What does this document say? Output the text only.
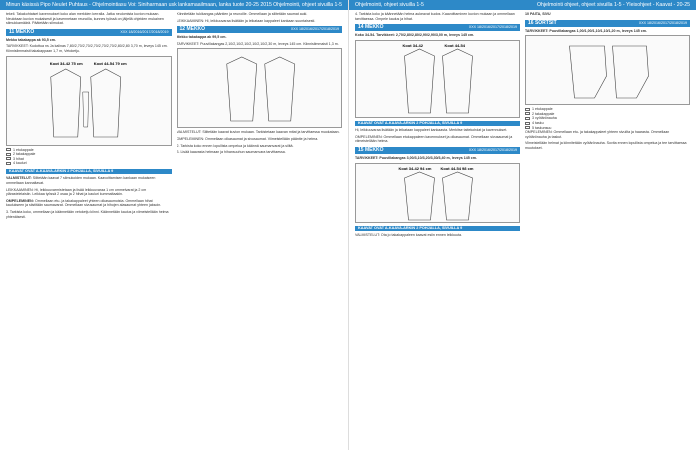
Minun käsissä Pipo Neulet Puhtaus - Ohjelmointiasu Voi: Siniharmaan usk lankamaailmaan, lanka tuote 20-25 2015 Ohjelmointi, ohjeet sivuilla 1-5

tekeli. Takakohtaiset kavennukset koko alan merkkien kerralla. Jatka neulomista kuvion mukaan. Neulotaan kuvion mukaisesti ja kavennetaan reunoilla, kunnes työssä on jäljellä ohjeiden mukainen silmukkamäärä. Päätetään silmukat.

11 MEKKO	XXX 18/2016/2017/2018/2019

Mekko takakappa ak 93,5 cm.

TARVIKKEET: Kudottua ns Ja kalinas 7,80/2,70/2,70/2,70/2,70/2,70/2,80/2,80 3,70 m, leveys 145 cm. Kiinnisilmmaisti takakappaan 1,7 m, Vetoketju.

Koot 34-42 75 cm	Koot 44-54 79 cm
1 etukappale
2 takakappale
3 hihat
4 kauluri
KAAVAT OVAT A-KAAVA-ARKIN 2 POHJALLA, SIVUILLA 9

VALMISTELUT: Silitetään kaavat 7 silmukoiden mukaan. Kaavoittamisen kankaan mukaiseen ommeltaan kannaltavat.

LEIKKAAMINEN: Hi, leikkuuvarmistetaan ja lisää leikkuuvaraa 1 cm ommelvarat ja 2 cm ylärastelelaisiin. Leikkaa työssä 2 osaa ja 2 hihat ja kauluri kummaltaakin.

OMPELEMINEN: Ommellaan etu- ja takakappaleet yhteen olkasaumoista. Ommellaan hihat kaulukseen ja siistitään saumavarat. Ommellaan sivusaumat ja hihojen alasaumat yhteen jaksoin.

3. Tarkista koko, ommellaan ja käännetään vetoketju kiinni. Käännetään kaulus ja viimeistellään helma yhtenäisesti.

Kiinnitetään tukikangas pääntien ja reunoille. Ommellaan ja silitetään saumat auki.

LEIKKAAMINEN: Hi, leikkuuvaraa lisätään ja leikataan kappaleet kankaan suuntaisesti.

12 MEKKO	XXX 18/2016/2017/2018/2019

Mekko takakappa ak 99,5 cm.

TARVIKKEET: Puuvillakangas 2,10/2,10/2,10/2,10/2,10/2,30 m, leveys 145 cm. Kiinnisilmmaisti 1,3 m.

VALMISTELUT: Silitetään kaavat kuvion mukaan. Tarkistetaan kaavan mitat ja tarvittaessa muokataan.

OMPELEMINEN: Ommellaan olkasaumat ja sivusaumat. Viimeistellään pääntie ja helma.

2. Tarkista koko ennen lopullista ompelua ja käännä saumanvarat ja silitä.

3. Lisää kaavasta helmaan ja hihansuuhun saumanvara tarvittaessa.

Ohjelmointi, ohjeet sivuilla 1-5	Ohjelmointi ohjeet, ohjeet sivuilla 1-5 - Yleisohjeet - Kaavat - 20-25

4. Tarkista koko ja käännetään helma aukeavat kudos. Kaavoittaminen kuvion mukaan ja ommellaan tarvittaessa. Ompele kaulus ja hihat.

14 MEKKO	XXX 18/2016/2017/2018/2019

Koko 34-54. Tarvikkeet: 2,70/2,80/2,80/2,90/2,90/3,00 m, leveys 145 cm.

Koot 34-42	Koot 44-54
KAAVAT OVAT A-KAAVA-ARKIN 2 POHJALLA, SIVUILLA 9

Hi, leikkuuvaraa lisätään ja leikataan kappaleet kankaasta. Merkitse taitekohdat ja kavennukset.

OMPELEMINEN: Ommellaan etukappaleen kavennukset ja olkasaumat. Ommellaan sivusaumat ja viimeistellään helma.

15 MEKKO	XXX 18/2016/2017/2018/2019

TARVIKKEET: Puuvillakangas 3,00/3,10/3,20/3,30/3,40 m, leveys 145 cm.

Koot 34-42 94 cm Koot 44-54 98 cm
KAAVAT OVAT A-KAAVA-ARKIN 2 POHJALLA, SIVUILLA 9

VALMISTELUT: Ota jo takakappaleen kaavat esiin ennen leikkuuta.

10 PAITA, SIVU

16 SORTSIT	XXX 18/2016/2017/2018/2019

TARVIKKEET: Puuvillakangas 1,00/1,00/1,10/1,10/1,20 m, leveys 145 cm.

1 etukappale
2 takakappale
3 vyötärönauha
4 tasku
5 taskunsuu

OMPELEMINEN: Ommellaan etu- ja takakappaleet yhteen sivuilta ja haarasta. Ommellaan vyötärönauha ja taskut.

Viimeistellään helmat ja kiinnitetään vyötärönauha. Sovita ennen lopullista ompelua ja tee tarvittaessa muutokset.
